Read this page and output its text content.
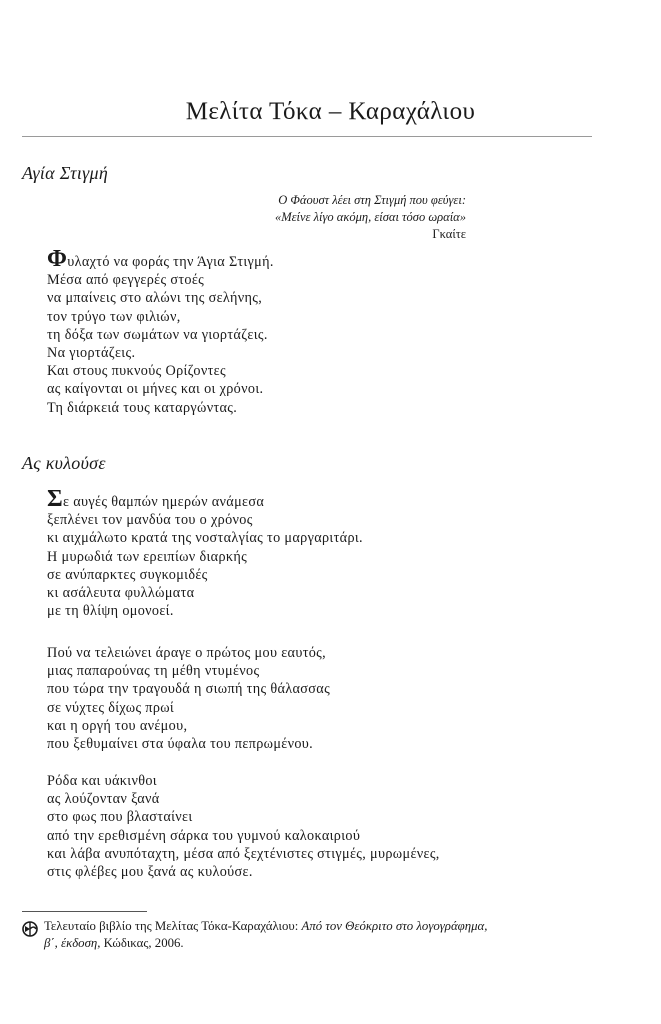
Μελίτα Τόκα – Καραχάλιου
Αγία Στιγμή
Ο Φάουστ λέει στη Στιγμή που φεύγει:
«Μείνε λίγο ακόμη, είσαι τόσο ωραία»
Γκαίτε
Φυλαχτό να φοράς την Άγια Στιγμή.
Μέσα από φεγγερές στοές
να μπαίνεις στο αλώνι της σελήνης,
τον τρύγο των φιλιών,
τη δόξα των σωμάτων να γιορτάζεις.
Να γιορτάζεις.
Και στους πυκνούς Ορίζοντες
ας καίγονται οι μήνες και οι χρόνοι.
Τη διάρκειά τους καταργώντας.
Ας κυλούσε
Σε αυγές θαμπών ημερών ανάμεσα
ξεπλένει τον μανδύα του ο χρόνος
κι αιχμάλωτο κρατά της νοσταλγίας το μαργαριτάρι.
Η μυρωδιά των ερειπίων διαρκής
σε ανύπαρκτες συγκομιδές
κι ασάλευτα φυλλώματα
με τη θλίψη ομονοεί.
Πού να τελειώνει άραγε ο πρώτος μου εαυτός,
μιας παπαρούνας τη μέθη ντυμένος
που τώρα την τραγουδά η σιωπή της θάλασσας
σε νύχτες δίχως πρωί
και η οργή του ανέμου,
που ξεθυμαίνει στα ύφαλα του πεπρωμένου.
Ρόδα και υάκινθοι
ας λούζονταν ξανά
στο φως που βλασταίνει
από την ερεθισμένη σάρκα του γυμνού καλοκαιριού
και λάβα ανυπόταχτη, μέσα από ξεχτένιστες στιγμές, μυρωμένες,
στις φλέβες μου ξανά ας κυλούσε.
Τελευταίο βιβλίο της Μελίτας Τόκα-Καραχάλιου: Από τον Θεόκριτο στο λογογράφημα,
β΄, έκδοση, Κώδικας, 2006.
